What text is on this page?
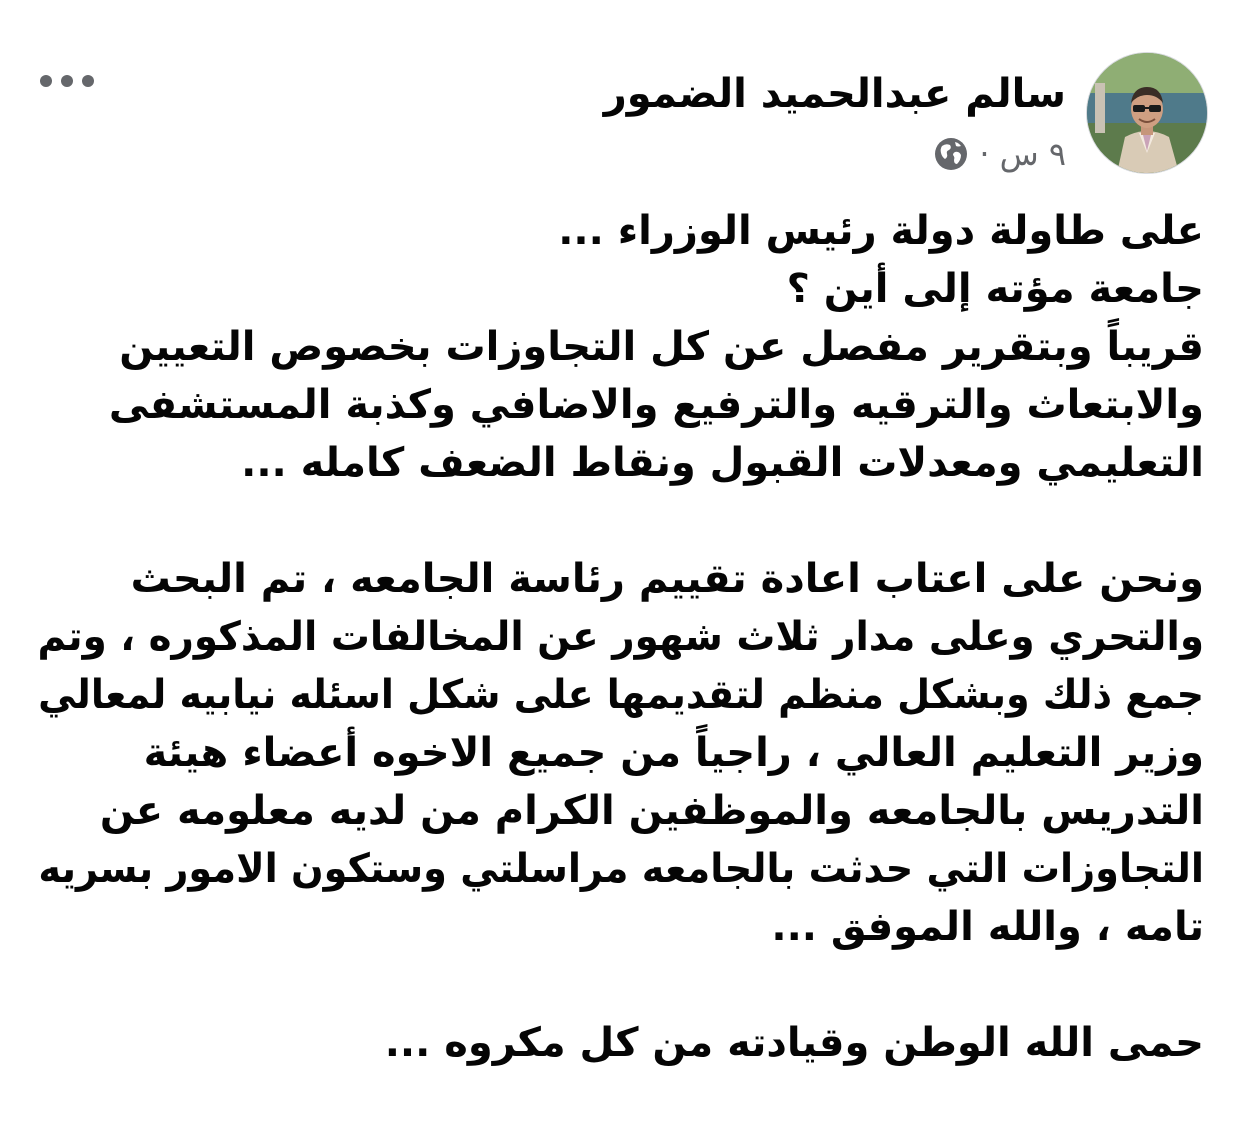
سالم عبدالحميد الضمور
٩ س
·
على طاولة دولة رئيس الوزراء ...
جامعة مؤته إلى أين ؟
قريباً وبتقرير مفصل عن كل التجاوزات بخصوص التعيين
والابتعاث والترقيه والترفيع والاضافي وكذبة المستشفى
التعليمي ومعدلات القبول ونقاط الضعف كامله ...
ونحن على اعتاب اعادة تقييم رئاسة الجامعه ، تم البحث
والتحري وعلى مدار ثلاث شهور عن المخالفات المذكوره ، وتم
جمع ذلك وبشكل منظم لتقديمها على شكل اسئله نيابيه لمعالي
وزير التعليم العالي ، راجياً من جميع الاخوه أعضاء هيئة
التدريس بالجامعه والموظفين الكرام من لديه معلومه عن
التجاوزات التي حدثت بالجامعه مراسلتي وستكون الامور بسريه
تامه ، والله الموفق ...
حمى الله الوطن وقيادته من كل مكروه ...
